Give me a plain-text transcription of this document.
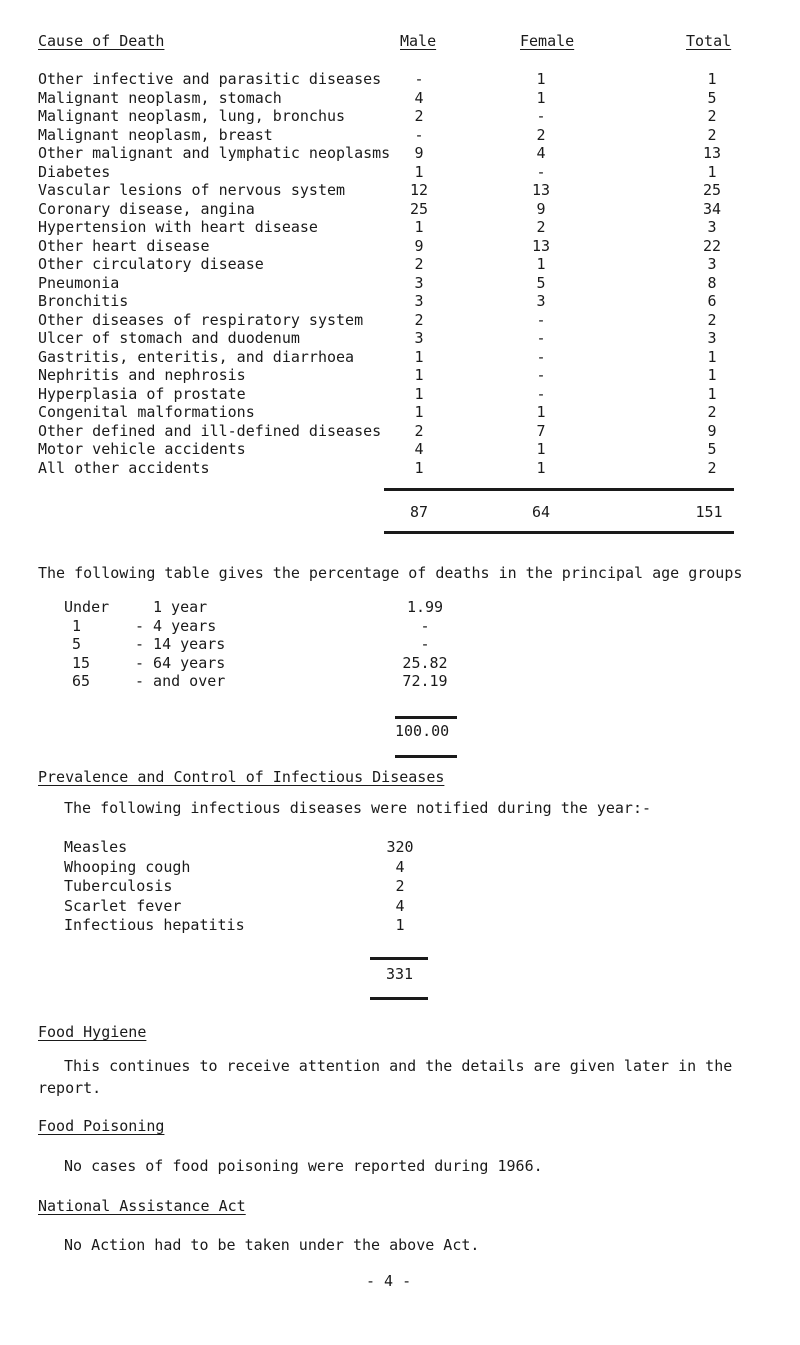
Cause of Death	Male	Female	Total
Other infective and parasitic diseases	-	1	1
Malignant neoplasm, stomach	4	1	5
Malignant neoplasm, lung, bronchus	2	-	2
Malignant neoplasm, breast	-	2	2
Other malignant and lymphatic neoplasms	9	4	13
Diabetes	1	-	1
Vascular lesions of nervous system	12	13	25
Coronary disease, angina	25	9	34
Hypertension with heart disease	1	2	3
Other heart disease	9	13	22
Other circulatory disease	2	1	3
Pneumonia	3	5	8
Bronchitis	3	3	6
Other diseases of respiratory system	2	-	2
Ulcer of stomach and duodenum	3	-	3
Gastritis, enteritis, and diarrhoea	1	-	1
Nephritis and nephrosis	1	-	1
Hyperplasia of prostate	1	-	1
Congenital malformations	1	1	2
Other defined and ill-defined diseases	2	7	9
Motor vehicle accidents	4	1	5
All other accidents	1	1	2
87	64	151
The following table gives the percentage of deaths in the principal age groups
Under	1 year	1.99
1	- 4 years	-
5	- 14 years	-
15	- 64 years	25.82
65	- and over	72.19
100.00
Prevalence and Control of Infectious Diseases
The following infectious diseases were notified during the year:-
Measles	320
Whooping cough	4
Tuberculosis	2
Scarlet fever	4
Infectious hepatitis	1
331
Food Hygiene
This continues to receive attention and the details are given later in the report.
Food Poisoning
No cases of food poisoning were reported during 1966.
National Assistance Act
No Action had to be taken under the above Act.
- 4 -
